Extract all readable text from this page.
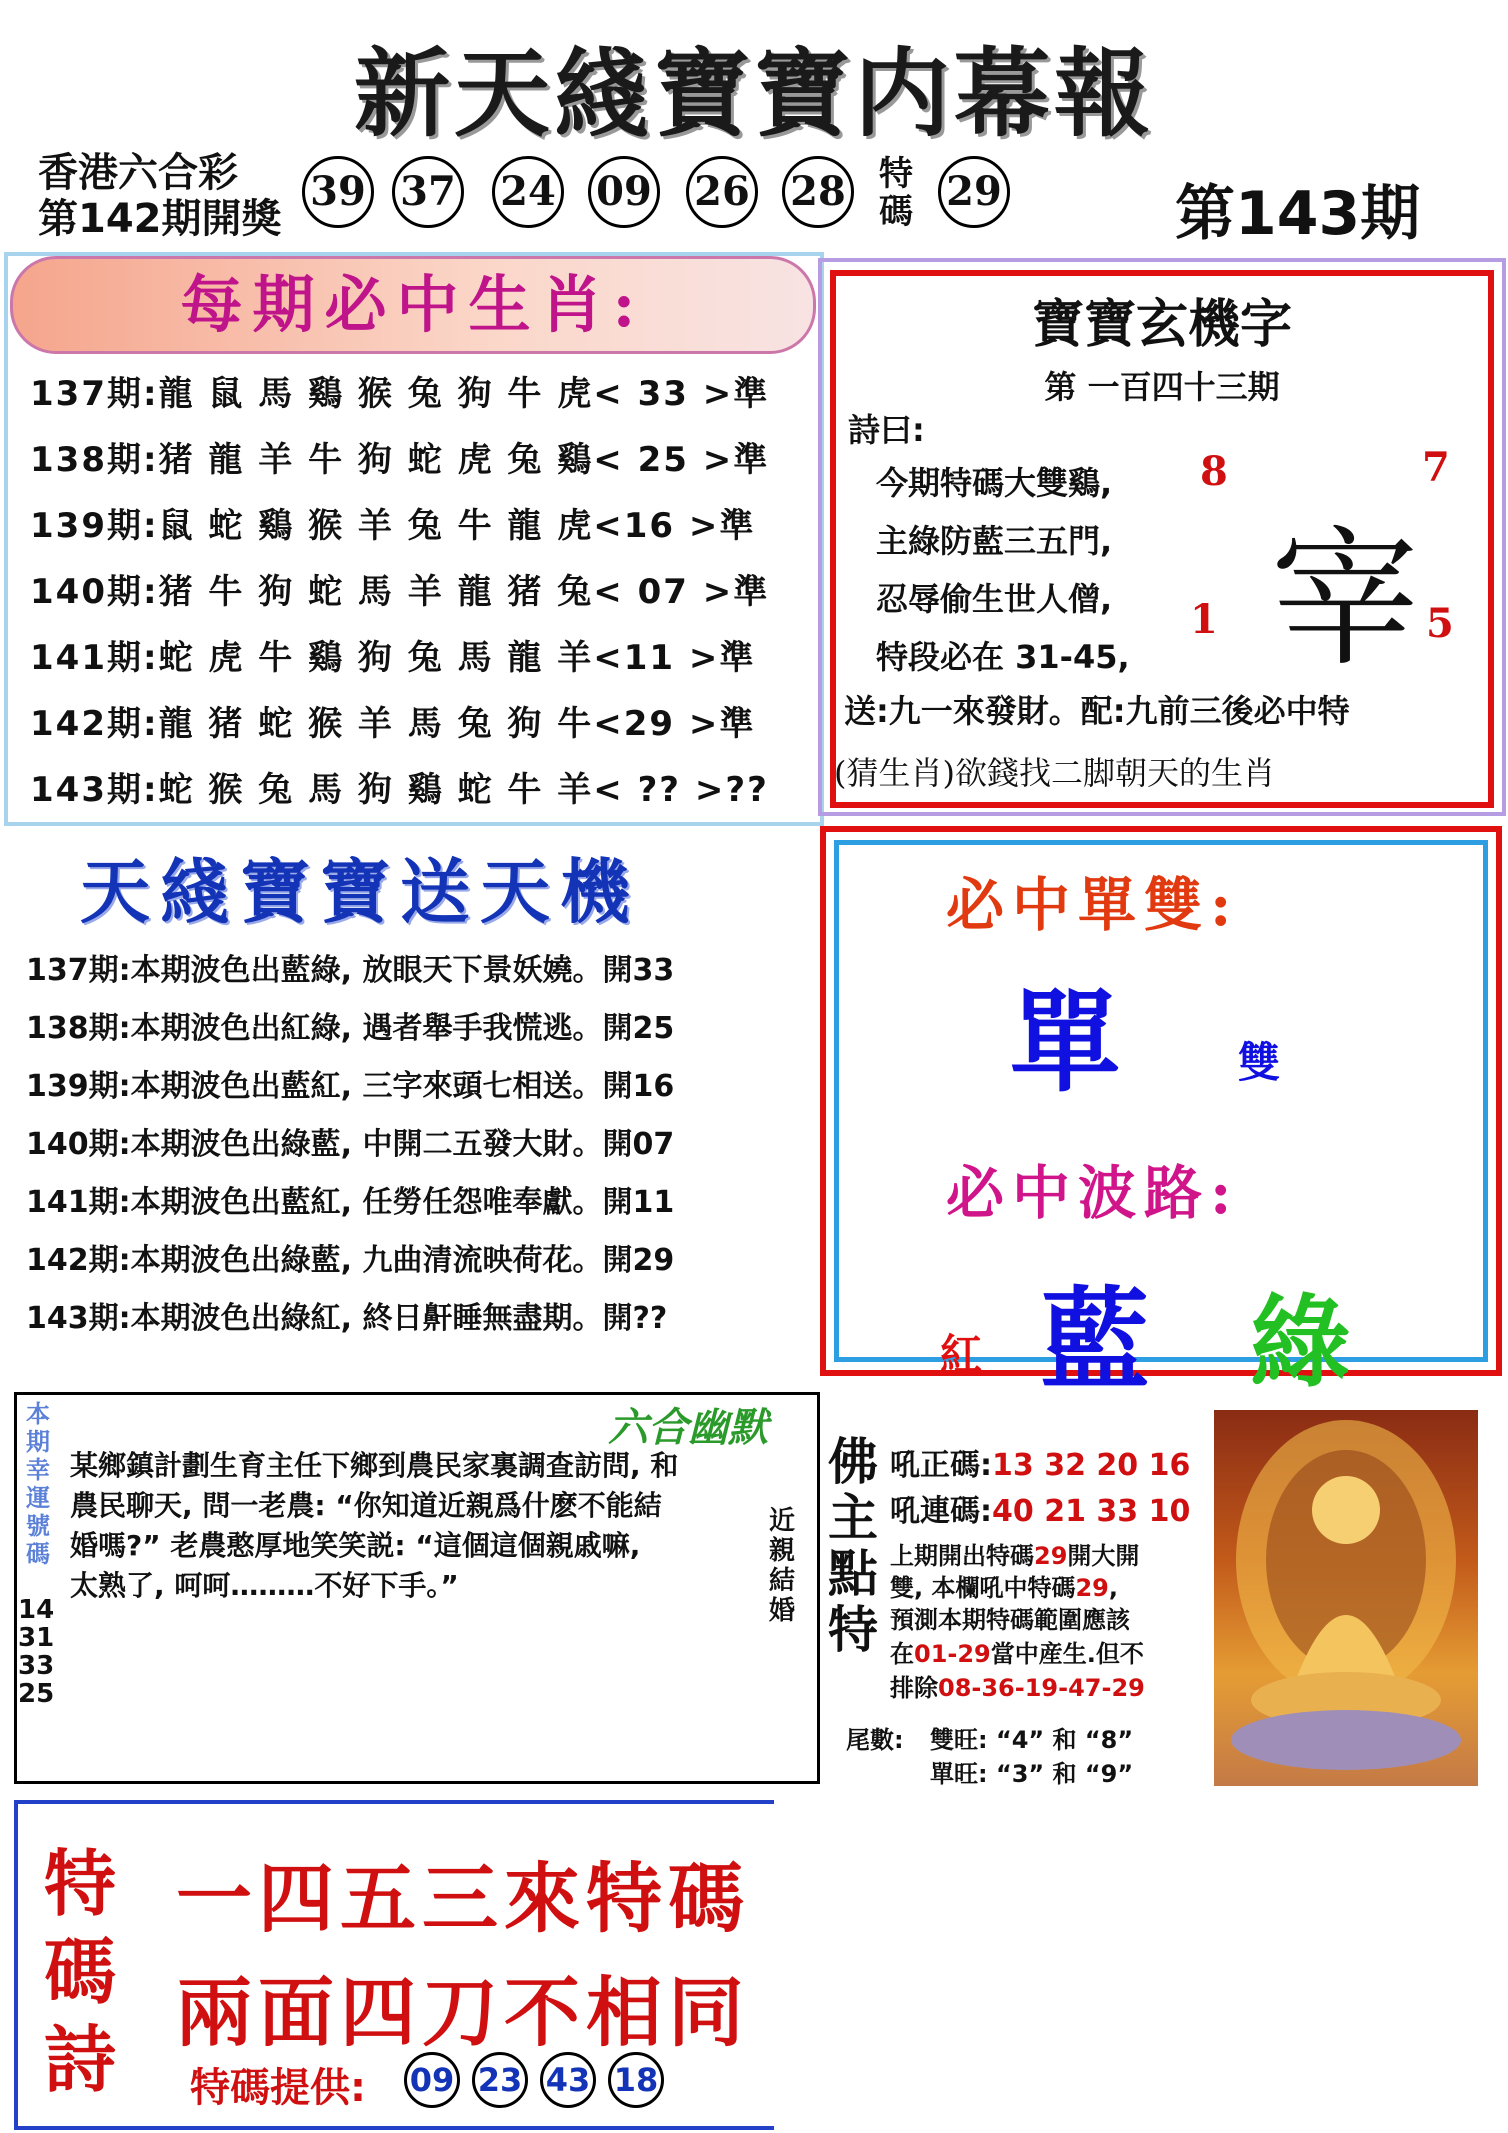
新天綫寶寶内幕報
香港六合彩
第142期開獎
39 37 24 09 26 28 特碼 29	第143期
每期必中生肖:
137期:龍 鼠 馬 鷄 猴 兔 狗 牛 虎< 33 >準
138期:猪 龍 羊 牛 狗 蛇 虎 兔 鷄< 25 >準
139期:鼠 蛇 鷄 猴 羊 兔 牛 龍 虎<16 >準
140期:猪 牛 狗 蛇 馬 羊 龍 猪 兔< 07 >準
141期:蛇 虎 牛 鷄 狗 兔 馬 龍 羊<11 >準
142期:龍 猪 蛇 猴 羊 馬 兔 狗 牛<29 >準
143期:蛇 猴 兔 馬 狗 鷄 蛇 牛 羊< ?? >??
寶寶玄機字
第 一百四十三期
詩曰:
今期特碼大雙鷄,
主綠防藍三五門,
忍辱偷生世人僧,
特段必在 31-45,
8	7
1	5
宰
送:九一來發財。配:九前三後必中特
(猜生肖)欲錢找二脚朝天的生肖
天綫寶寶送天機
137期:本期波色出藍綠, 放眼天下景妖嬈。開33
138期:本期波色出紅綠, 遇者舉手我慌逃。開25
139期:本期波色出藍紅, 三字來頭七相送。開16
140期:本期波色出綠藍, 中開二五發大財。開07
141期:本期波色出藍紅, 任勞任怨唯奉獻。開11
142期:本期波色出綠藍, 九曲清流映荷花。開29
143期:本期波色出綠紅, 終日鼾睡無盡期。開??
必中單雙:
單	雙
必中波路:
紅 藍 綠
本期幸運號碼
14 31 33 25
六合幽默
某鄉鎮計劃生育主任下鄉到農民家裏調查訪問, 和
農民聊天, 問一老農: “你知道近親爲什麽不能結
婚嗎?” 老農憨厚地笑笑説: “這個這個親戚嘛,
太熟了, 呵呵………不好下手。”
近親結婚
佛主點特
吼正碼:13 32 20 16
吼連碼:40 21 33 10
上期開出特碼29開大開
雙, 本欄吼中特碼29,
預測本期特碼範圍應該
在01-29當中産生.但不
排除08-36-19-47-29
尾數: 雙旺: “4” 和 “8”
單旺: “3” 和 “9”
特碼詩
一四五三來特碼
兩面四刀不相同
特碼提供: 09 23 43 18
